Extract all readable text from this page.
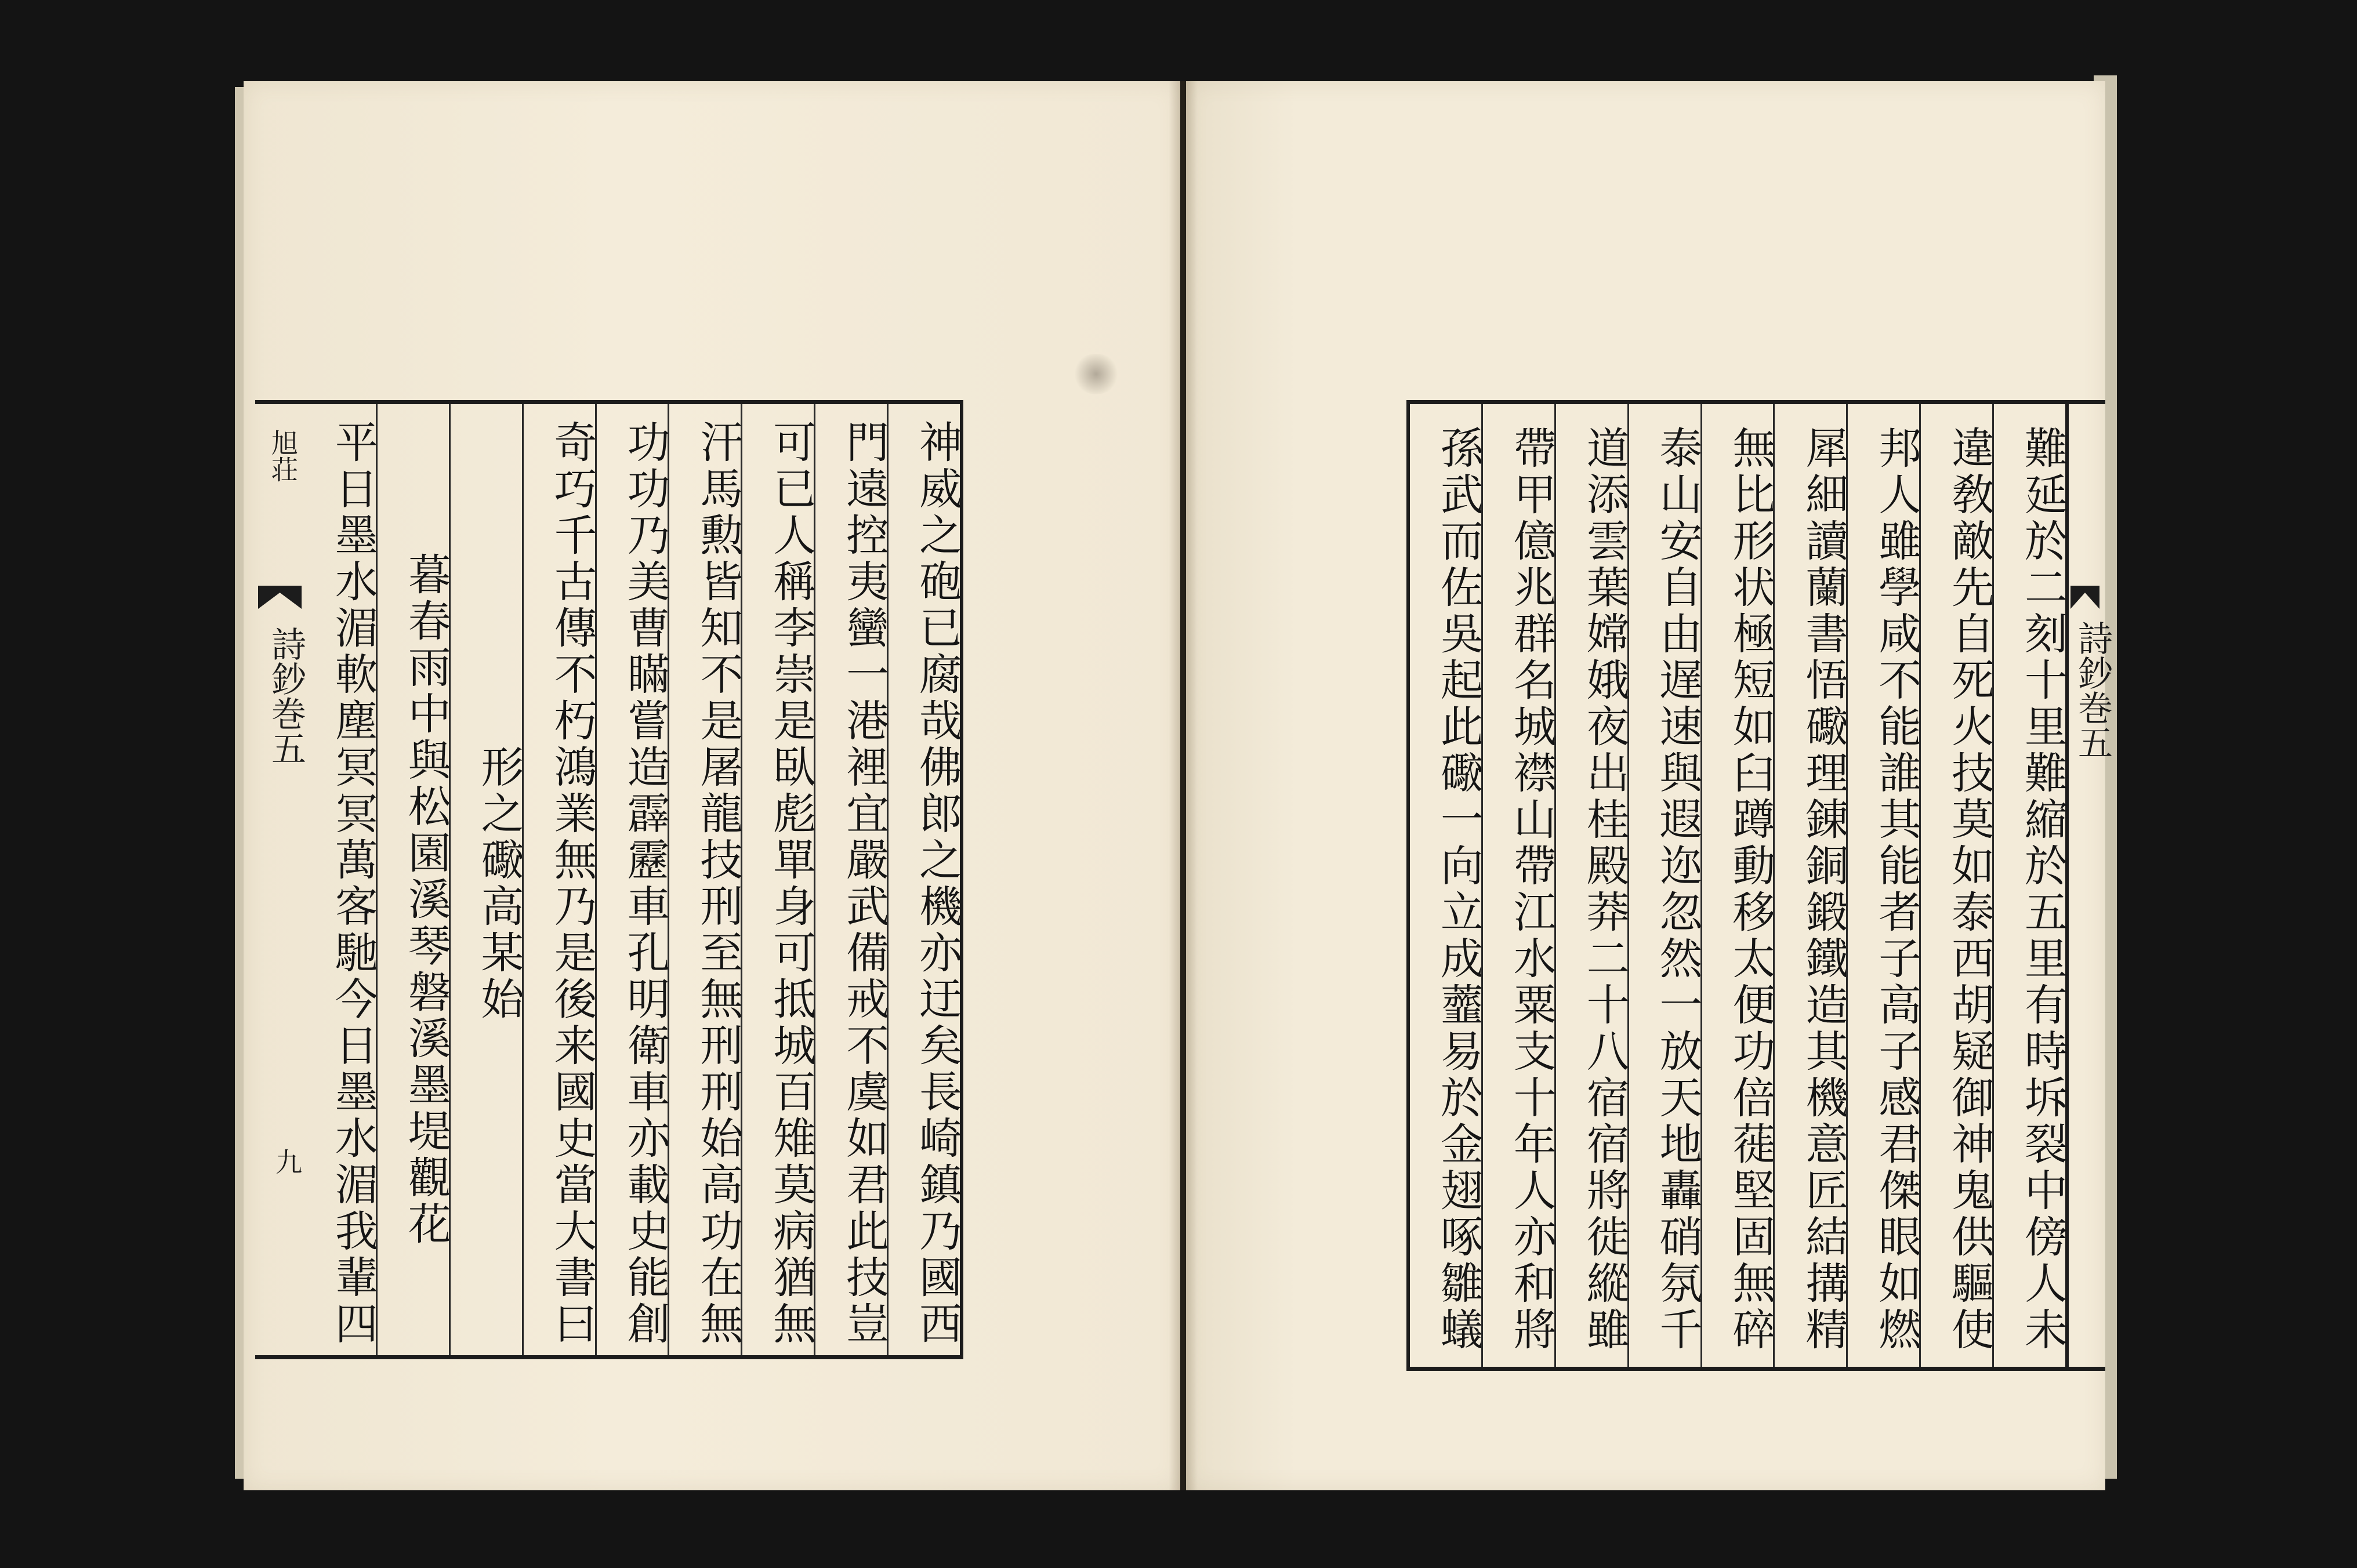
旭荘
詩鈔巻五
九	神威之砲已腐哉佛郎之機亦迂矣長崎鎮乃國西
門遠控夷蠻一港裡宜嚴武備戒不虞如君此技豈
可已人稱李崇是臥彪單身可抵城百雉莫病猶無
汗馬勲皆知不是屠龍技刑至無刑刑始高功在無
功功乃美曹瞞嘗造霹靂車孔明衛車亦載史能創
奇巧千古傳不朽鴻業無乃是後来國史當大書曰
形之礮高某始
暮春雨中與松園溪琴磐溪墨堤觀花
平日墨水湄軟塵冥冥萬客馳今日墨水湄我輩四	難延於二刻十里難縮於五里有時坼裂中傍人未
違敎敵先自死火技莫如泰西胡疑御神鬼供驅使
邦人雖學咸不能誰其能者子高子感君傑眼如燃
犀細讀蘭書悟礮理錬銅鍛鐵造其機意匠結搆精
無比形状極短如臼蹲動移太便功倍蓰堅固無碎
泰山安自由遅速與遐迩忽然一放天地轟硝氛千
道添雲葉嫦娥夜出桂殿莽二十八宿宿將徙縱雖
帶甲億兆群名城襟山帶江水粟支十年人亦和將
孫武而佐吳起此礮一向立成虀易於金翅啄雛蟻	詩鈔巻五
